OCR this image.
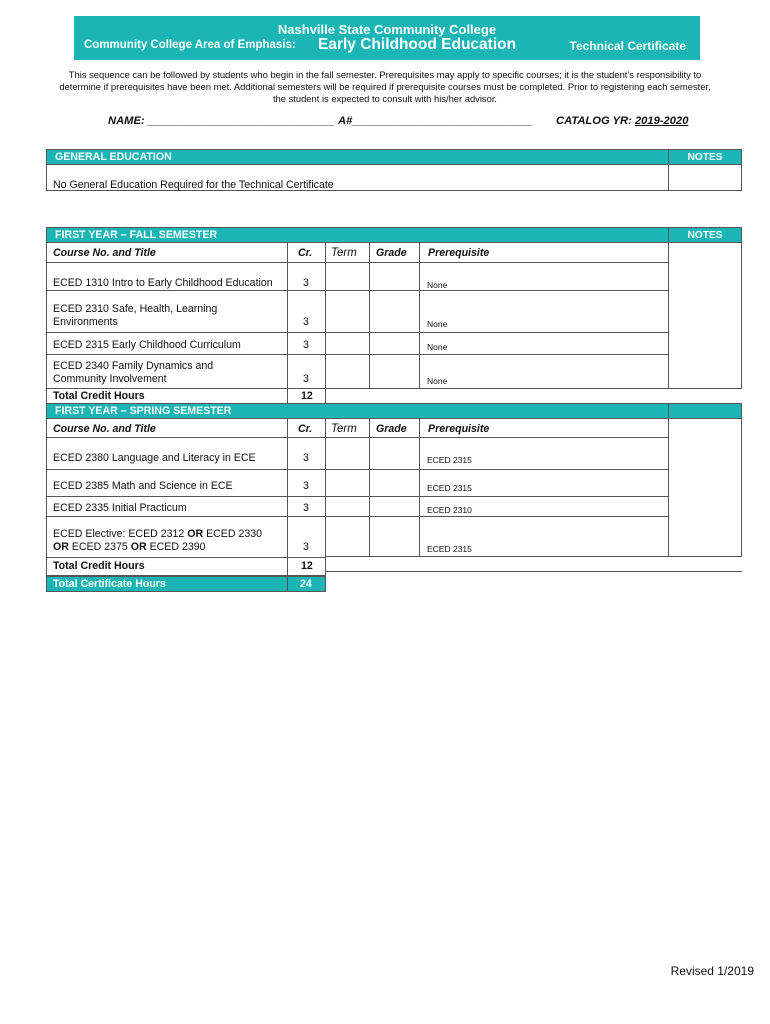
Nashville State Community College
Community College Area of Emphasis: Early Childhood Education	Technical Certificate
This sequence can be followed by students who begin in the fall semester. Prerequisites may apply to specific courses; it is the student’s responsibility to
determine if prerequisites have been met. Additional semesters will be required if prerequisite courses must be completed. Prior to registering each semester,
the student is expected to consult with his/her advisor.
NAME: ______________________________ A#_____________________________ CATALOG YR: 2019-2020
GENERAL EDUCATION	NOTES
No General Education Required for the Technical Certificate
FIRST YEAR – FALL SEMESTER	NOTES
Course No. and Title	Cr. Term Grade Prerequisite
ECED 1310 Intro to Early Childhood Education	3	None
ECED 2310 Safe, Health, Learning
Environments	3	None
ECED 2315 Early Childhood Curriculum	3	None
ECED 2340 Family Dynamics and
Community Involvement	3	None
Total Credit Hours	12
FIRST YEAR – SPRING SEMESTER
Course No. and Title	Cr. Term Grade Prerequisite
ECED 2380 Language and Literacy in ECE	3	ECED 2315
ECED 2385 Math and Science in ECE	3	ECED 2315
ECED 2335 Initial Practicum	3	ECED 2310
ECED Elective: ECED 2312 OR ECED 2330
OR ECED 2375 OR ECED 2390	3	ECED 2315
Total Credit Hours	12
Total Certificate Hours	24
Revised 1/2019
